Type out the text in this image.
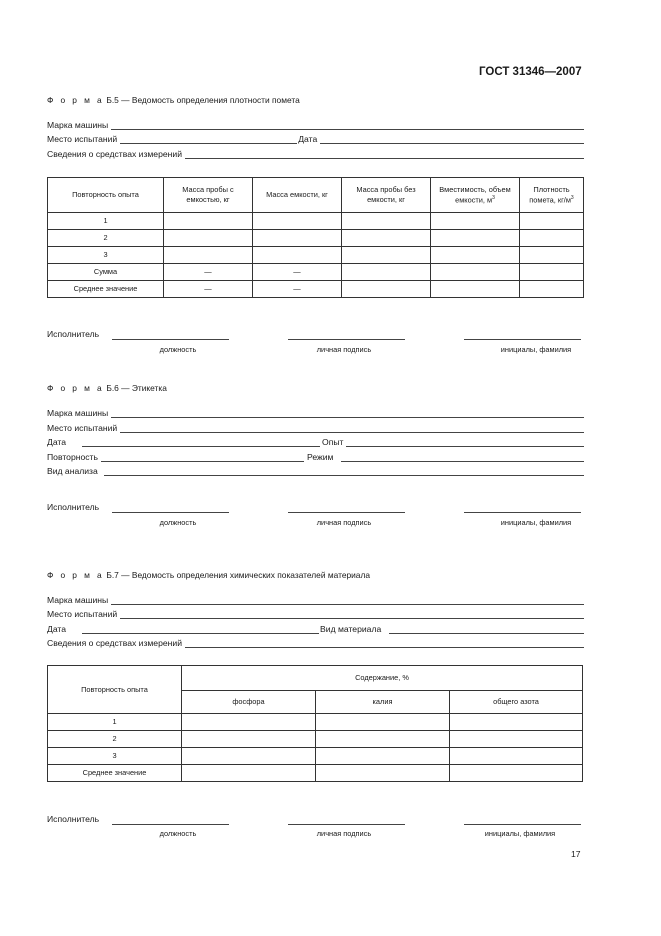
ГОСТ 31346—2007
Ф о р м а Б.5 — Ведомость определения плотности помета
Марка машины
Место испытаний	Дата
Сведения о средствах измерений
Повторность опыта	Масса пробы с емкостью, кг	Масса емкости, кг	Масса пробы без емкости, кг	Вместимость, объем емкости, $м^3$	Плотность помета, $кг/м^3$
1					
2					
3					
Сумма	—	—			
Среднее значение	—	—			
Исполнитель
должность	личная подпись	инициалы, фамилия
Ф о р м а Б.6 — Этикетка
Марка машины
Место испытаний
Дата	Опыт
Повторность	Режим
Вид анализа
Исполнитель
должность	личная подпись	инициалы, фамилия
Ф о р м а Б.7 — Ведомость определения химических показателей материала
Марка машины
Место испытаний
Дата	Вид материала
Сведения о средствах измерений
Повторность опыта	Содержание, %		
	фосфора	калия	общего азота
1			
2			
3			
Среднее значение			
Исполнитель
должность	личная подпись	инициалы, фамилия
17
